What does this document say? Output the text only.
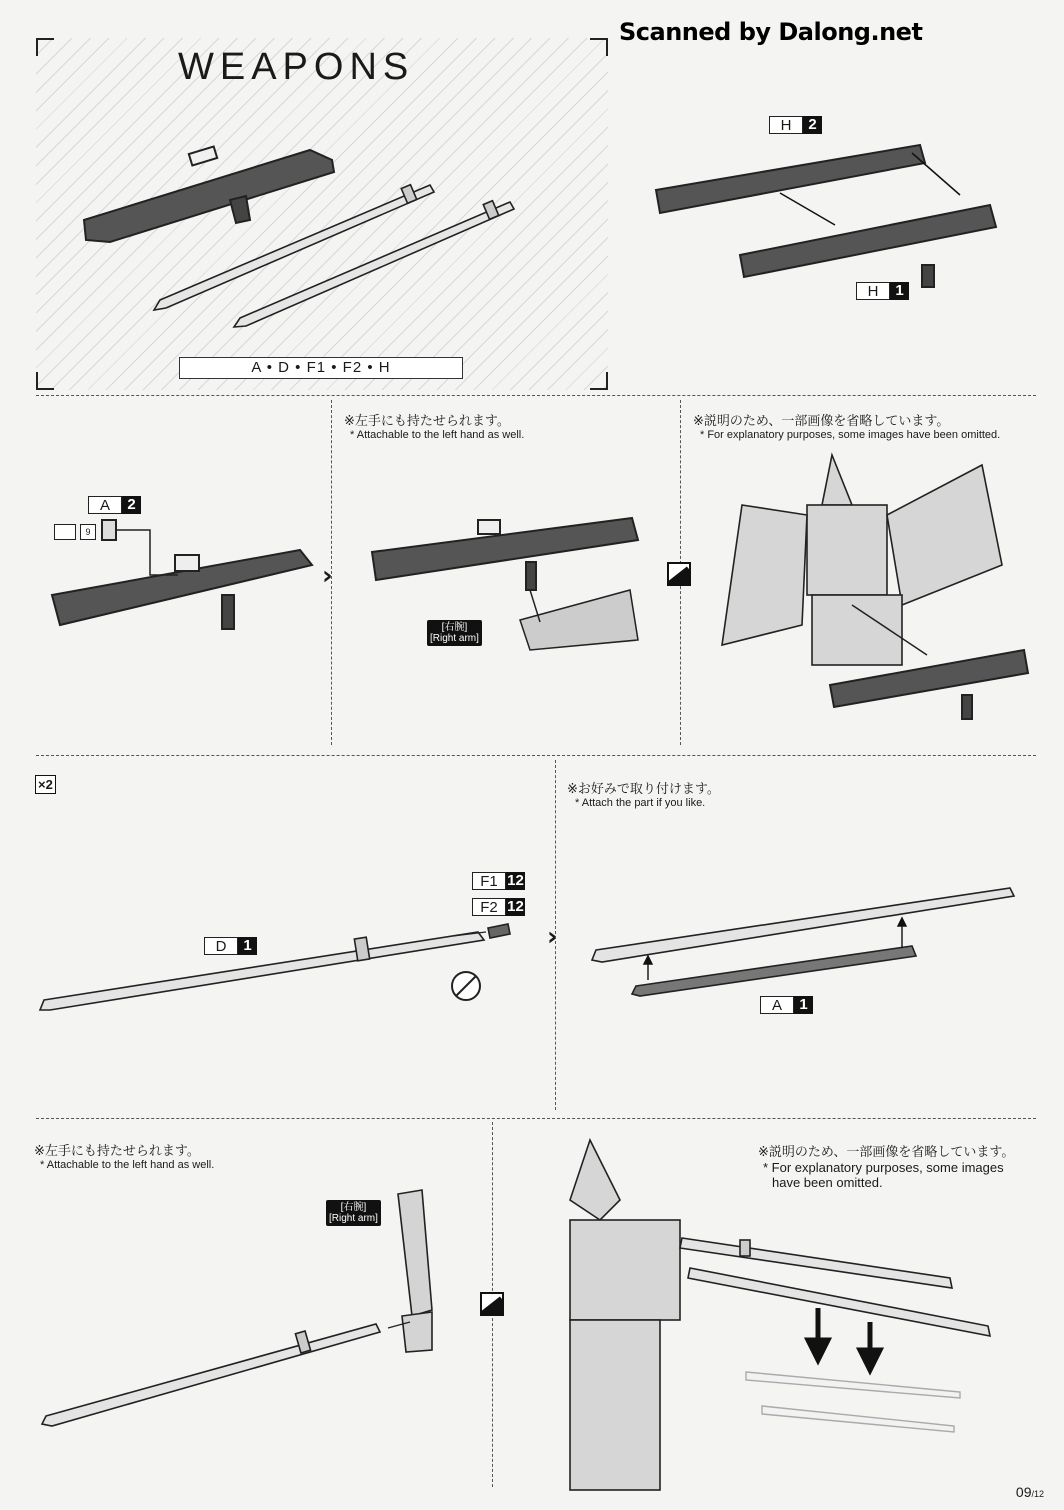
Scanned by Dalong.net
WEAPONS
A • D • F1 • F2 • H
H	2
H	1
A	2
9
›
※左手にも持たせられます。
* Attachable to the left hand as well.
[右腕]
[Right arm]
※説明のため、一部画像を省略しています。
* For explanatory purposes, some images have been omitted.
×2
F1 12
F2 12
D	1	›
※お好みで取り付けます。
* Attach the part if you like.
A	1
※左手にも持たせられます。
* Attachable to the left hand as well.
[右腕]
[Right arm]
※説明のため、一部画像を省略しています。
* For explanatory purposes, some images
have been omitted.
09/12
